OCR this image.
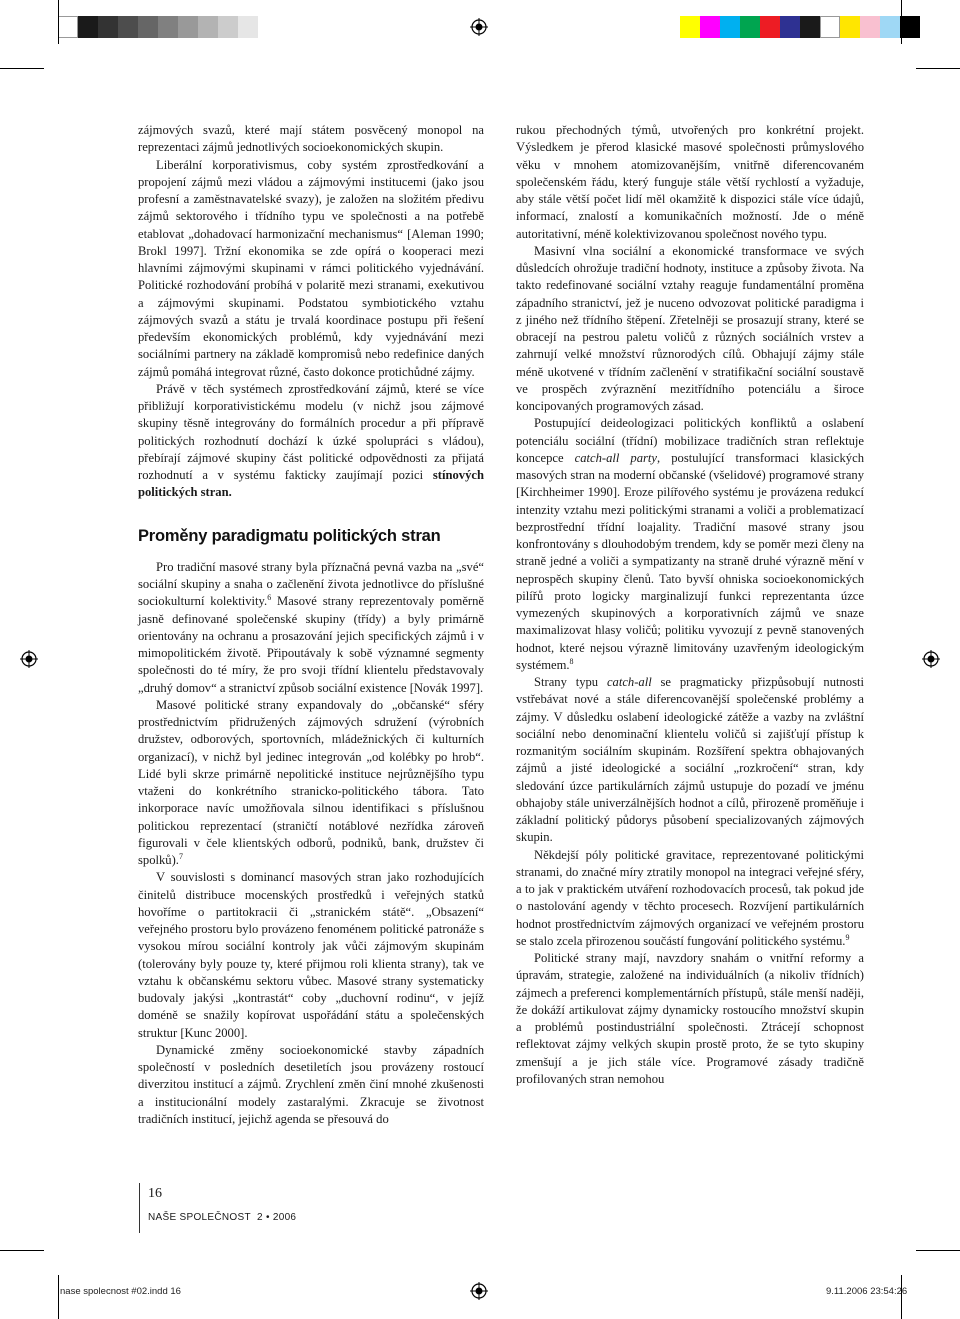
zájmových svazů, které mají státem posvěcený monopol na reprezentaci zájmů jednotlivých socioekonomických skupin.

Liberální korporativismus, coby systém zprostředkování a propojení zájmů mezi vládou a zájmovými institucemi (jako jsou profesní a zaměstnavatelské svazy), je založen na složitém předivu zájmů sektorového i třídního typu ve společnosti a na potřebě etablovat „dohadovací harmonizační mechanismus“ [Aleman 1990; Brokl 1997]. Tržní ekonomika se zde opírá o kooperaci mezi hlavními zájmovými skupinami v rámci politického vyjednávání. Politické rozhodování probíhá v polaritě mezi stranami, exekutivou a zájmovými skupinami. Podstatou symbiotického vztahu zájmových svazů a státu je trvalá koordinace postupu při řešení především ekonomických problémů, kdy vyjednávání mezi sociálními partnery na základě kompromisů nebo redefinice daných zájmů pomáhá integrovat různé, často dokonce protichůdné zájmy.

Právě v těch systémech zprostředkování zájmů, které se více přibližují korporativistickému modelu (v nichž jsou zájmové skupiny těsně integrovány do formálních procedur a při přípravě politických rozhodnutí dochází k úzké spolupráci s vládou), přebírají zájmové skupiny část politické odpovědnosti za přijatá rozhodnutí a v systému fakticky zaujímají pozici stínových politických stran.

Proměny paradigmatu politických stran

Pro tradiční masové strany byla příznačná pevná vazba na „své“ sociální skupiny a snaha o začlenění života jednotlivce do příslušné sociokulturní kolektivity.$^6$ Masové strany reprezentovaly poměrně jasně definované společenské skupiny (třídy) a byly primárně orientovány na ochranu a prosazování jejich specifických zájmů i v mimopolitickém životě. Připoutávaly k sobě významné segmenty společnosti do té míry, že pro svoji třídní klientelu představovaly „druhý domov“ a stranictví způsob sociální existence [Novák 1997].

Masové politické strany expandovaly do „občanské“ sféry prostřednictvím přidružených zájmových sdružení (výrobních družstev, odborových, sportovních, mládežnických či kulturních organizací), v nichž byl jedinec integrován „od kolébky po hrob“. Lidé byli skrze primárně nepolitické instituce nejrůznějšího typu vtaženi do konkrétního stranicko-politického tábora. Tato inkorporace navíc umožňovala silnou identifikaci s příslušnou politickou reprezentací (straničtí notáblové nezřídka zároveň figurovali v čele klientských odborů, podniků, bank, družstev či spolků).$^7$

V souvislosti s dominancí masových stran jako rozhodujících činitelů distribuce mocenských prostředků i veřejných statků hovoříme o partitokracii či „stranickém státě“. „Obsazení“ veřejného prostoru bylo provázeno fenoménem politické patronáže s vysokou mírou sociální kontroly jak vůči zájmovým skupinám (tolerovány byly pouze ty, které přijmou roli klienta strany), tak ve vztahu k občanskému sektoru vůbec. Masové strany systematicky budovaly jakýsi „kontrastát“ coby „duchovní rodinu“, v jejíž doméně se snažily kopírovat uspořádání státu a společenských struktur [Kunc 2000].

Dynamické změny socioekonomické stavby západních společností v posledních desetiletích jsou provázeny rostoucí diverzitou institucí a zájmů. Zrychlení změn činí mnohé zkušenosti a institucionální modely zastaralými. Zkracuje se životnost tradičních institucí, jejichž agenda se přesouvá do

rukou přechodných týmů, utvořených pro konkrétní projekt. Výsledkem je přerod klasické masové společnosti průmyslového věku v mnohem atomizovanějším, vnitřně diferencovaném společenském řádu, který funguje stále větší rychlostí a vyžaduje, aby stále větší počet lidí měl okamžitě k dispozici stále více údajů, informací, znalostí a komunikačních možností. Jde o méně autoritativní, méně kolektivizovanou společnost nového typu.

Masivní vlna sociální a ekonomické transformace ve svých důsledcích ohrožuje tradiční hodnoty, instituce a způsoby života. Na takto redefinované sociální vztahy reaguje fundamentální proměna západního stranictví, jež je nuceno odvozovat politické paradigma i z jiného než třídního štěpení. Zřetelněji se prosazují strany, které se obracejí na pestrou paletu voličů z různých sociálních vrstev a zahrnují velké množství různorodých cílů. Obhajují zájmy stále méně ukotvené v třídním začlenění v stratifikační sociální soustavě ve prospěch zvýraznění mezitřídního potenciálu a široce koncipovaných programových zásad.

Postupující deideologizaci politických konfliktů a oslabení potenciálu sociální (třídní) mobilizace tradičních stran reflektuje koncepce catch-all party, postulující transformaci klasických masových stran na moderní občanské (všelidové) programové strany [Kirchheimer 1990]. Eroze pilířového systému je provázena redukcí intenzity vztahu mezi politickými stranami a voliči a problematizací bezprostřední třídní loajality. Tradiční masové strany jsou konfrontovány s dlouhodobým trendem, kdy se poměr mezi členy na straně jedné a voliči a sympatizanty na straně druhé výrazně mění v neprospěch skupiny členů. Tato byvší ohniska socioekonomických pilířů proto logicky marginalizují funkci reprezentanta úzce vymezených skupinových a korporativních zájmů ve snaze maximalizovat hlasy voličů; politiku vyvozují z pevně stanovených hodnot, které nejsou výrazně limitovány uzavřeným ideologickým systémem.$^8$

Strany typu catch-all se pragmaticky přizpůsobují nutnosti vstřebávat nové a stále diferencovanější společenské problémy a zájmy. V důsledku oslabení ideologické zátěže a vazby na zvláštní sociální nebo denominační klientelu voličů si zajišťují přístup k rozmanitým sociálním skupinám. Rozšíření spektra obhajovaných zájmů a jisté ideologické a sociální „rozkročení“ stran, kdy sledování úzce partikulárních zájmů ustupuje do pozadí ve jménu obhajoby stále univerzálnějších hodnot a cílů, přirozeně proměňuje i základní politický půdorys působení specializovaných zájmových skupin.

Někdejší póly politické gravitace, reprezentované politickými stranami, do značné míry ztratily monopol na integraci veřejné sféry, a to jak v praktickém utváření rozhodovacích procesů, tak pokud jde o nastolování agendy v těchto procesech. Rozvíjení partikulárních hodnot prostřednictvím zájmových organizací ve veřejném prostoru se stalo zcela přirozenou součástí fungování politického systému.$^9$

Politické strany mají, navzdory snahám o vnitřní reformy a úpravám, strategie, založené na individuálních (a nikoliv třídních) zájmech a preferenci komplementárních přístupů, stále menší naději, že dokáží artikulovat zájmy dynamicky rostoucího množství skupin a problémů postindustriální společnosti. Ztrácejí schopnost reflektovat zájmy velkých skupin prostě proto, že se tyto skupiny zmenšují a je jich stále více. Programové zásady tradičně profilovaných stran nemohou

16
NAŠE SPOLEČNOST 2 • 2006
nase spolecnost #02.indd 16	9.11.2006 23:54:26
